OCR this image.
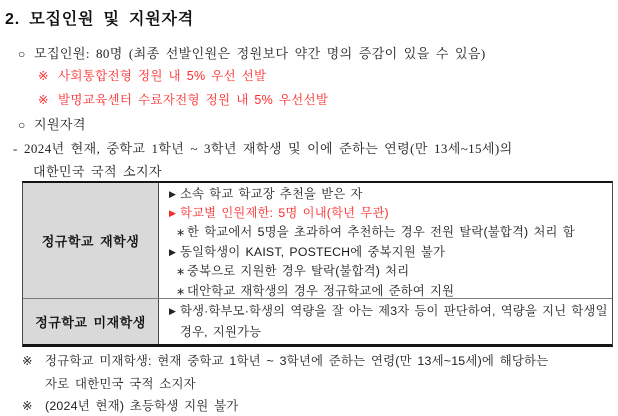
2. 모집인원 및 지원자격
○ 모집인원: 80명 (최종 선발인원은 정원보다 약간 명의 증감이 있을 수 있음)
※ 사회통합전형 정원 내 5% 우선 선발
※ 발명교육센터 수료자전형 정원 내 5% 우선선발
○ 지원자격
- 2024년 현재, 중학교 1학년 ~ 3학년 재학생 및 이에 준하는 연령(만 13세~15세)의
대한민국 국적 소지자
정규학교 재학생
▶ 소속 학교 학교장 추천을 받은 자
▶ 학교별 인원제한: 5명 이내(학년 무관)
∗ 한 학교에서 5명을 초과하여 추천하는 경우 전원 탈락(불합격) 처리 함
▶ 동일학생이 KAIST, POSTECH에 중복지원 불가
∗ 중복으로 지원한 경우 탈락(불합격) 처리
∗ 대안학교 재학생의 경우 정규학교에 준하여 지원
정규학교 미재학생
▶ 학생·학부모·학생의 역량을 잘 아는 제3자 등이 판단하여, 역량을 지닌 학생일
경우, 지원가능
※ 정규학교 미재학생: 현재 중학교 1학년 ~ 3학년에 준하는 연령(만 13세~15세)에 해당하는
자로 대한민국 국적 소지자
※ (2024년 현재) 초등학생 지원 불가
